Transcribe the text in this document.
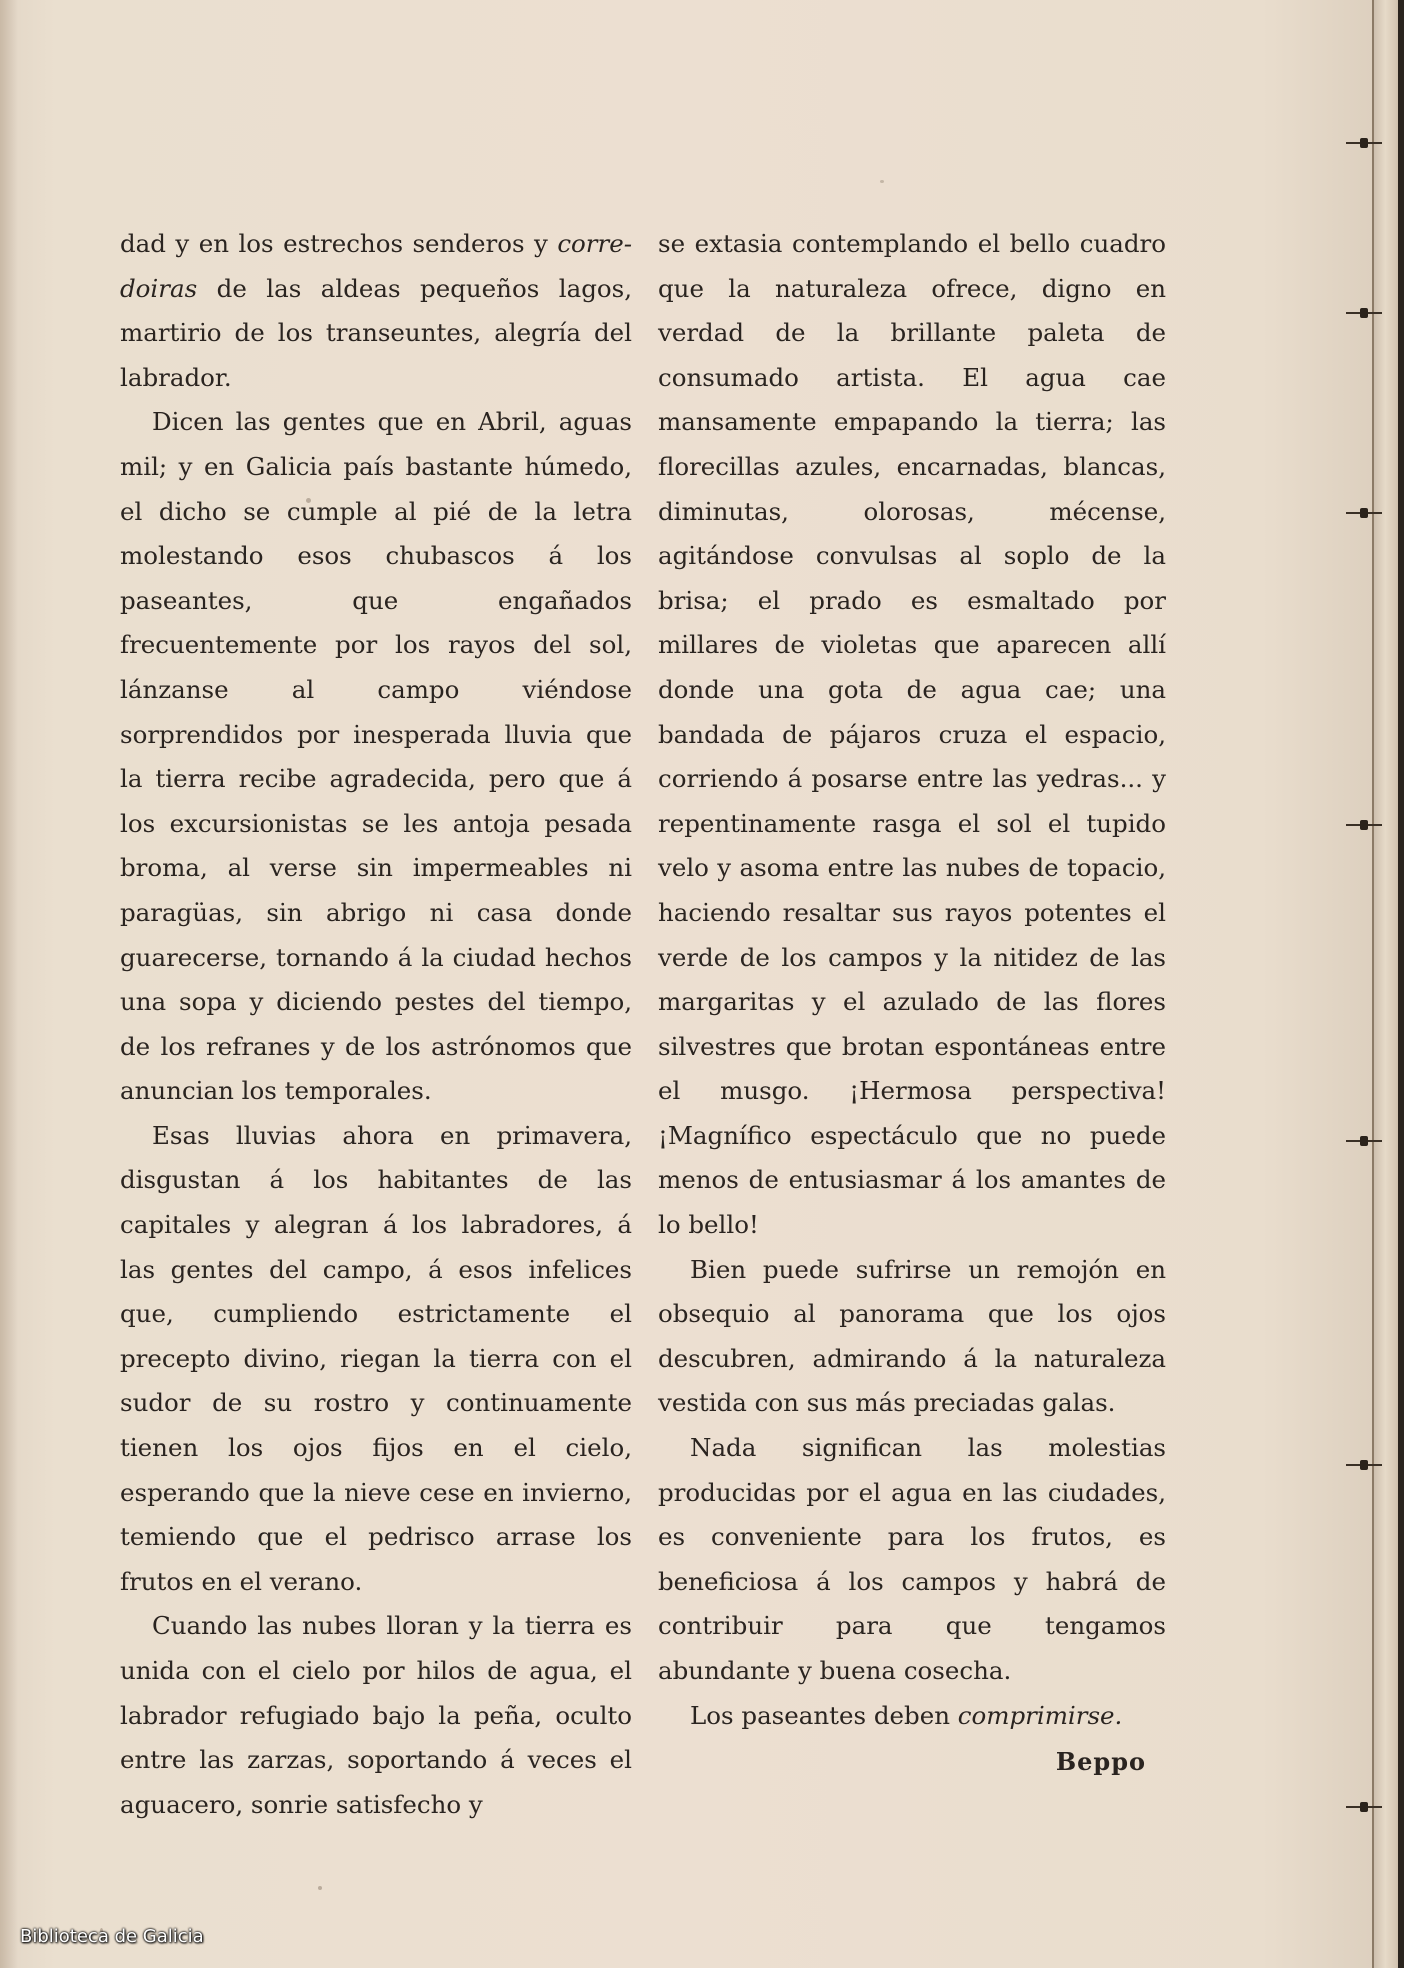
dad y en los estrechos senderos y corre-doiras de las aldeas pequeños lagos, martirio de los transeuntes, alegría del labrador.

Dicen las gentes que en Abril, aguas mil; y en Galicia país bastante húmedo, el dicho se cumple al pié de la letra molestando esos chubascos á los paseantes, que engañados frecuentemente por los rayos del sol, lánzanse al campo viéndose sorprendidos por inesperada lluvia que la tierra recibe agradecida, pero que á los excursionistas se les antoja pesada broma, al verse sin impermeables ni paragüas, sin abrigo ni casa donde guarecerse, tornando á la ciudad hechos una sopa y diciendo pestes del tiempo, de los refranes y de los astrónomos que anuncian los temporales.

Esas lluvias ahora en primavera, disgustan á los habitantes de las capitales y alegran á los labradores, á las gentes del campo, á esos infelices que, cumpliendo estrictamente el precepto divino, riegan la tierra con el sudor de su rostro y continuamente tienen los ojos fijos en el cielo, esperando que la nieve cese en invierno, temiendo que el pedrisco arrase los frutos en el verano.

Cuando las nubes lloran y la tierra es unida con el cielo por hilos de agua, el labrador refugiado bajo la peña, oculto entre las zarzas, soportando á veces el aguacero, sonrie satisfecho y

se extasia contemplando el bello cuadro que la naturaleza ofrece, digno en verdad de la brillante paleta de consumado artista. El agua cae mansamente empapando la tierra; las florecillas azules, encarnadas, blancas, diminutas, olorosas, mécense, agitándose convulsas al soplo de la brisa; el prado es esmaltado por millares de violetas que aparecen allí donde una gota de agua cae; una bandada de pájaros cruza el espacio, corriendo á posarse entre las yedras... y repentinamente rasga el sol el tupido velo y asoma entre las nubes de topacio, haciendo resaltar sus rayos potentes el verde de los campos y la nitidez de las margaritas y el azulado de las flores silvestres que brotan espontáneas entre el musgo. ¡Hermosa perspectiva! ¡Magnífico espectáculo que no puede menos de entusiasmar á los amantes de lo bello!

Bien puede sufrirse un remojón en obsequio al panorama que los ojos descubren, admirando á la naturaleza vestida con sus más preciadas galas.

Nada significan las molestias producidas por el agua en las ciudades, es conveniente para los frutos, es beneficiosa á los campos y habrá de contribuir para que tengamos abundante y buena cosecha.

Los paseantes deben comprimirse.

Beppo
Biblioteca de Galicia
